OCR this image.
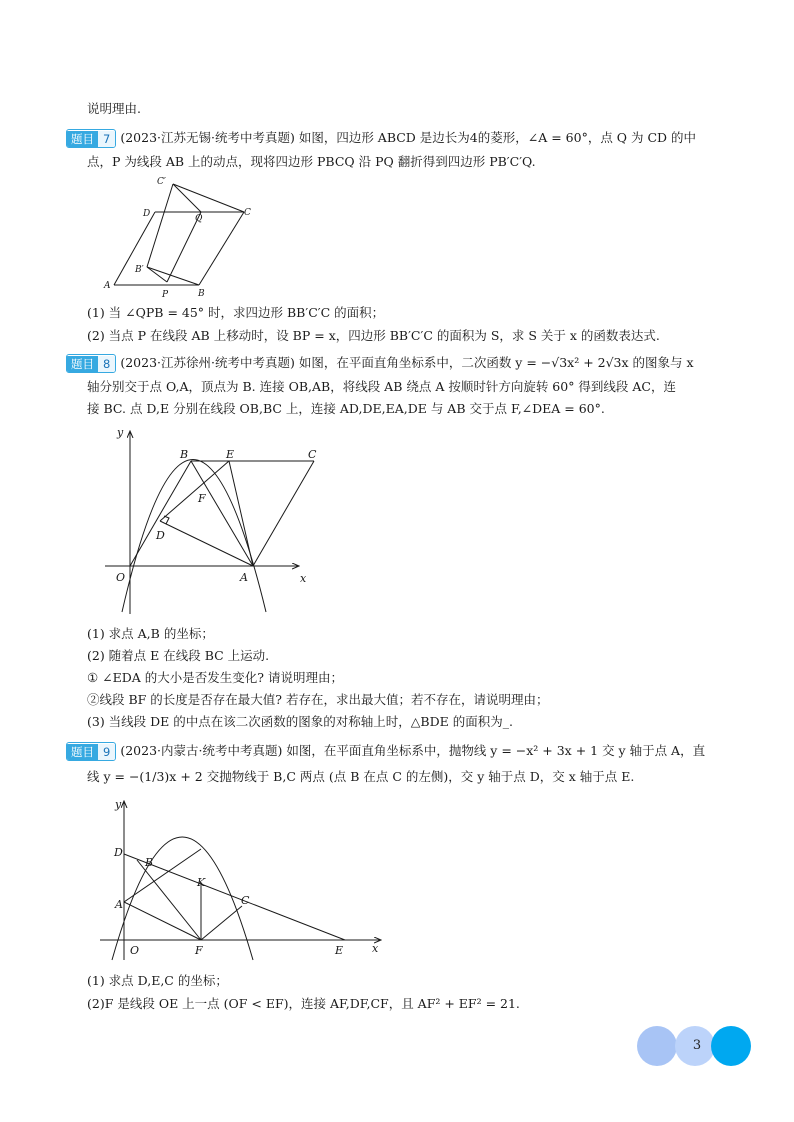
说明理由.
题目 7 (2023·江苏无锡·统考中考真题) 如图，四边形 ABCD 是边长为4的菱形，∠A = 60°，点 Q 为 CD 的中
点，P 为线段 AB 上的动点，现将四边形 PBCQ 沿 PQ 翻折得到四边形 PB′C′Q.
C′
D	Q
C
B′
A
P	B
(1) 当 ∠QPB = 45° 时，求四边形 BB′C′C 的面积；
(2) 当点 P 在线段 AB 上移动时，设 BP = x，四边形 BB′C′C 的面积为 S，求 S 关于 x 的函数表达式.
题目 8 (2023·江苏徐州·统考中考真题) 如图，在平面直角坐标系中，二次函数 y = −√3x² + 2√3x 的图象与 x
轴分别交于点 O,A，顶点为 B. 连接 OB,AB，将线段 AB 绕点 A 按顺时针方向旋转 60° 得到线段 AC，连
接 BC. 点 D,E 分别在线段 OB,BC 上，连接 AD,DE,EA,DE 与 AB 交于点 F,∠DEA = 60°.
y
x
O	A
B	E	C
F
D
(1) 求点 A,B 的坐标；
(2) 随着点 E 在线段 BC 上运动.
① ∠EDA 的大小是否发生变化? 请说明理由；
②线段 BF 的长度是否存在最大值? 若存在，求出最大值；若不存在，请说明理由；
(3) 当线段 DE 的中点在该二次函数的图象的对称轴上时，△BDE 的面积为_.
题目 9 (2023·内蒙古·统考中考真题) 如图，在平面直角坐标系中，抛物线 y = −x² + 3x + 1 交 y 轴于点 A，直
线 y = −(1/3)x + 2 交抛物线于 B,C 两点 (点 B 在点 C 的左侧)，交 y 轴于点 D，交 x 轴于点 E.
y
x
O
D
B
K
C
A
F	E
(1) 求点 D,E,C 的坐标；
(2)F 是线段 OE 上一点 (OF < EF)，连接 AF,DF,CF，且 AF² + EF² = 21.
3
